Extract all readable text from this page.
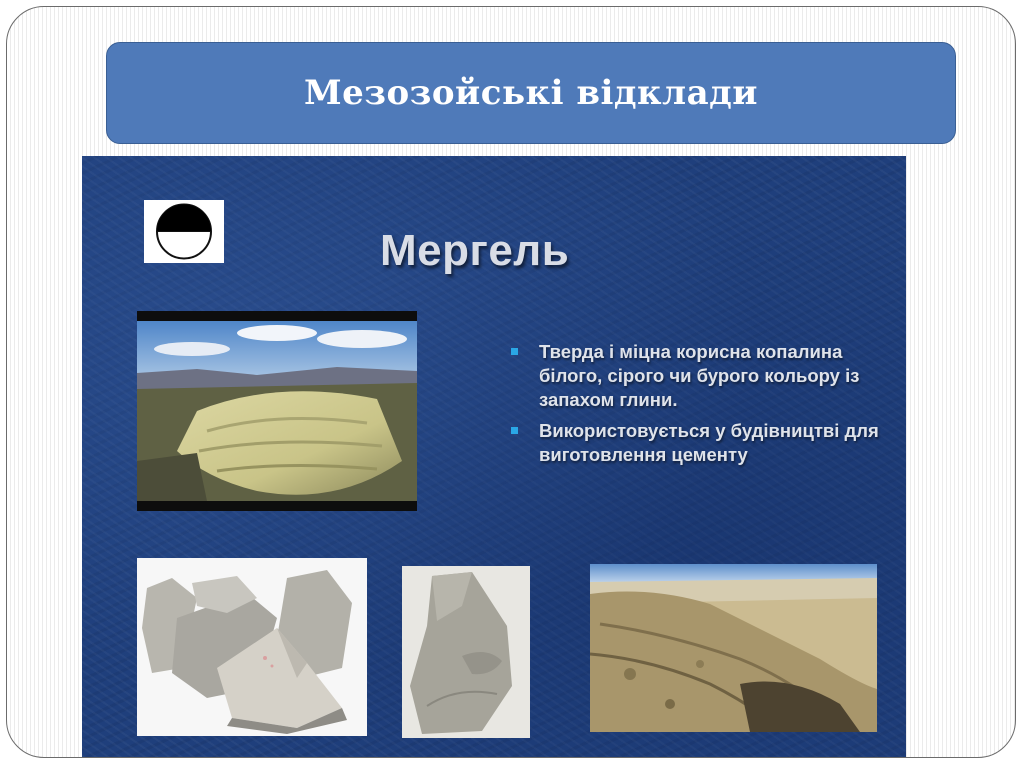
Мезозойські відклади
Мергель
Тверда і міцна корисна копалина білого, сірого чи бурого кольору із запахом глини.
Використовується у будівництві для виготовлення цементу
